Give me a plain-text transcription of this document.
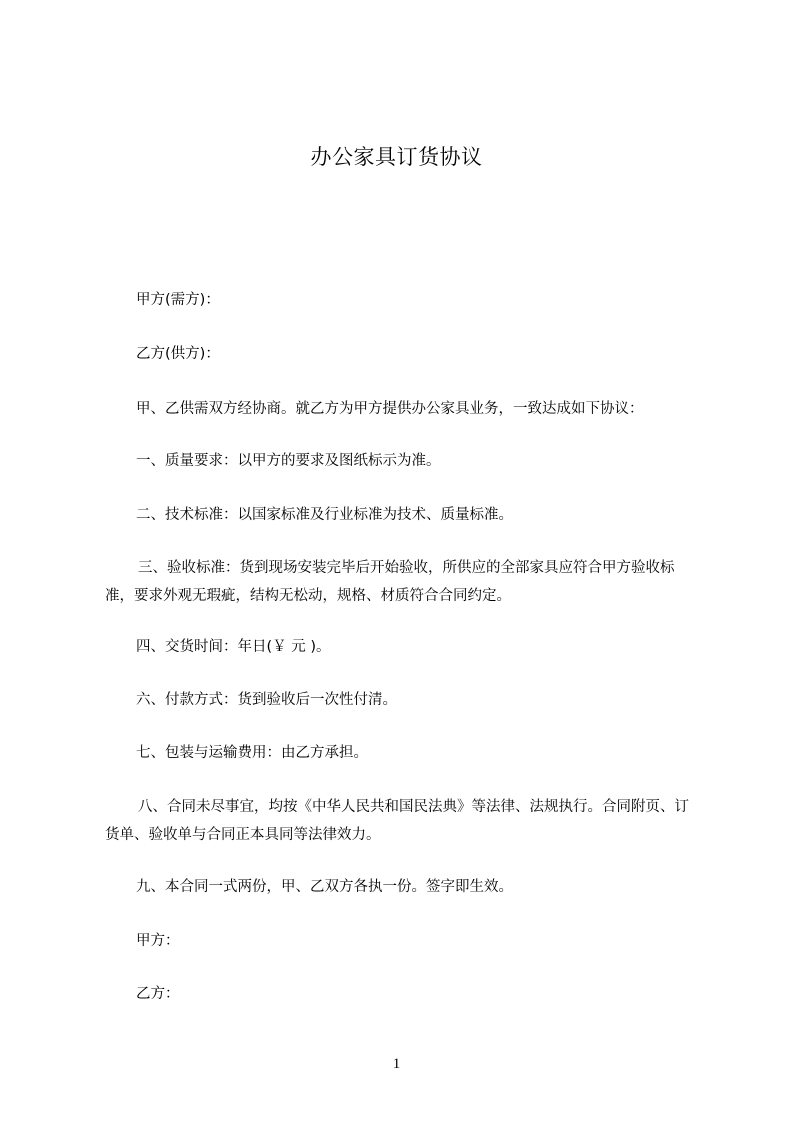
办公家具订货协议
甲方(需方)：
乙方(供方)：
甲、乙供需双方经协商。就乙方为甲方提供办公家具业务，一致达成如下协议：
一、质量要求：以甲方的要求及图纸标示为准。
二、技术标准：以国家标准及行业标准为技术、质量标准。
三、验收标准：货到现场安装完毕后开始验收，所供应的全部家具应符合甲方验收标准，要求外观无瑕疵，结构无松动，规格、材质符合合同约定。
四、交货时间：年日(￥ 元 )。
六、付款方式：货到验收后一次性付清。
七、包装与运输费用：由乙方承担。
八、合同未尽事宜，均按《中华人民共和国民法典》等法律、法规执行。合同附页、订货单、验收单与合同正本具同等法律效力。
九、本合同一式两份，甲、乙双方各执一份。签字即生效。
甲方：
乙方：
1
